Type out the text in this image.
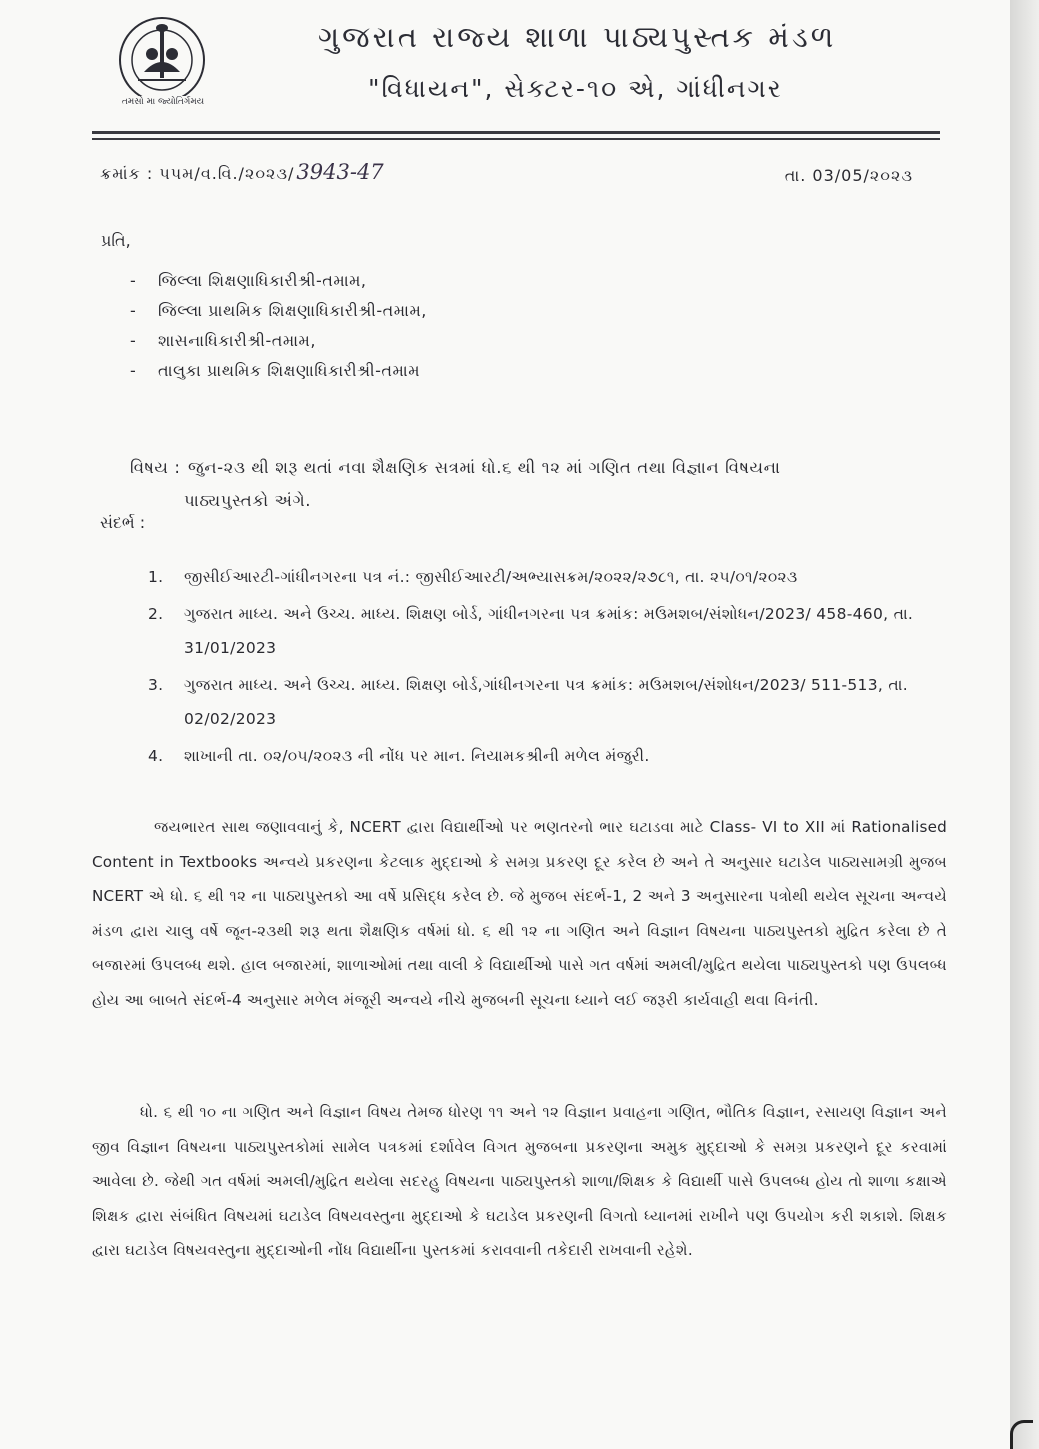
તમસો મા જ્યોતિર્ગમય
ગુજરાત રાજ્ય શાળા પાઠ્યપુસ્તક મંડળ
"વિધાયન", સેક્ટર-૧૦ એ, ગાંધીનગર
ક્રમાંક : પપમ/વ.વિ./૨૦૨૩/3943-47	તા. 03/05/૨૦૨૩
પ્રતિ,
- જિલ્લા શિક્ષણાધિકારીશ્રી-તમામ,
- જિલ્લા પ્રાથમિક શિક્ષણાધિકારીશ્રી-તમામ,
- શાસનાધિકારીશ્રી-તમામ,
- તાલુકા પ્રાથમિક શિક્ષણાધિકારીશ્રી-તમામ
વિષય : જુન-૨૩ થી શરૂ થતાં નવા શૈક્ષણિક સત્રમાં ધો.૬ થી ૧૨ માં ગણિત તથા વિજ્ઞાન વિષયના
પાઠ્યપુસ્તકો અંગે.
સંદર્ભ :
1.	જીસીઈઆરટી-ગાંધીનગરના પત્ર નં.: જીસીઈઆરટી/અભ્યાસક્રમ/૨૦૨૨/૨૭૮૧, તા. ૨૫/૦૧/૨૦૨૩
2.	ગુજરાત માધ્ય. અને ઉચ્ચ. માધ્ય. શિક્ષણ બોર્ડ, ગાંધીનગરના પત્ર ક્રમાંક: મઉમશબ/સંશોધન/2023/ 458-460, તા. 31/01/2023
3.	ગુજરાત માધ્ય. અને ઉચ્ચ. માધ્ય. શિક્ષણ બોર્ડ,ગાંધીનગરના પત્ર ક્રમાંક: મઉમશબ/સંશોધન/2023/ 511-513, તા. 02/02/2023
4.	શાખાની તા. ૦૨/૦૫/૨૦૨૩ ની નોંધ પર માન. નિયામકશ્રીની મળેલ મંજુરી.

જયભારત સાથ જણાવવાનું કે, NCERT દ્વારા વિદ્યાર્થીઓ પર ભણતરનો ભાર ઘટાડવા માટે Class- VI to XII માં Rationalised Content in Textbooks અન્વયે પ્રકરણના કેટલાક મુદ્દાઓ કે સમગ્ર પ્રકરણ દૂર કરેલ છે અને તે અનુસાર ઘટાડેલ પાઠ્યસામગ્રી મુજબ NCERT એ ધો. ૬ થી ૧૨ ના પાઠ્યપુસ્તકો આ વર્ષે પ્રસિદ્ધ કરેલ છે. જે મુજબ સંદર્ભ-1, 2 અને 3 અનુસારના પત્રોથી થયેલ સૂચના અન્વયે મંડળ દ્વારા ચાલુ વર્ષે જૂન-૨૩થી શરૂ થતા શૈક્ષણિક વર્ષમાં ધો. ૬ થી ૧૨ ના ગણિત અને વિજ્ઞાન વિષયના પાઠ્યપુસ્તકો મુદ્રિત કરેલા છે તે બજારમાં ઉપલબ્ધ થશે. હાલ બજારમાં, શાળાઓમાં તથા વાલી કે વિદ્યાર્થીઓ પાસે ગત વર્ષમાં અમલી/મુદ્રિત થયેલા પાઠ્યપુસ્તકો પણ ઉપલબ્ધ હોય આ બાબતે સંદર્ભ-4 અનુસાર મળેલ મંજૂરી અન્વયે નીચે મુજબની સૂચના ધ્યાને લઈ જરૂરી કાર્યવાહી થવા વિનંતી.

ધો. ૬ થી ૧૦ ના ગણિત અને વિજ્ઞાન વિષય તેમજ ધોરણ ૧૧ અને ૧૨ વિજ્ઞાન પ્રવાહના ગણિત, ભૌતિક વિજ્ઞાન, રસાયણ વિજ્ઞાન અને જીવ વિજ્ઞાન વિષયના પાઠ્યપુસ્તકોમાં સામેલ પત્રકમાં દર્શાવેલ વિગત મુજબના પ્રકરણના અમુક મુદ્દાઓ કે સમગ્ર પ્રકરણને દૂર કરવામાં આવેલા છે. જેથી ગત વર્ષમાં અમલી/મુદ્રિત થયેલા સદરહુ વિષયના પાઠ્યપુસ્તકો શાળા/શિક્ષક કે વિદ્યાર્થી પાસે ઉપલબ્ધ હોય તો શાળા કક્ષાએ શિક્ષક દ્વારા સંબંધિત વિષયમાં ઘટાડેલ વિષયવસ્તુના મુદ્દાઓ કે ઘટાડેલ પ્રકરણની વિગતો ધ્યાનમાં રાખીને પણ ઉપયોગ કરી શકાશે. શિક્ષક દ્વારા ઘટાડેલ વિષયવસ્તુના મુદ્દાઓની નોંધ વિદ્યાર્થીના પુસ્તકમાં કરાવવાની તકેદારી રાખવાની રહેશે.
